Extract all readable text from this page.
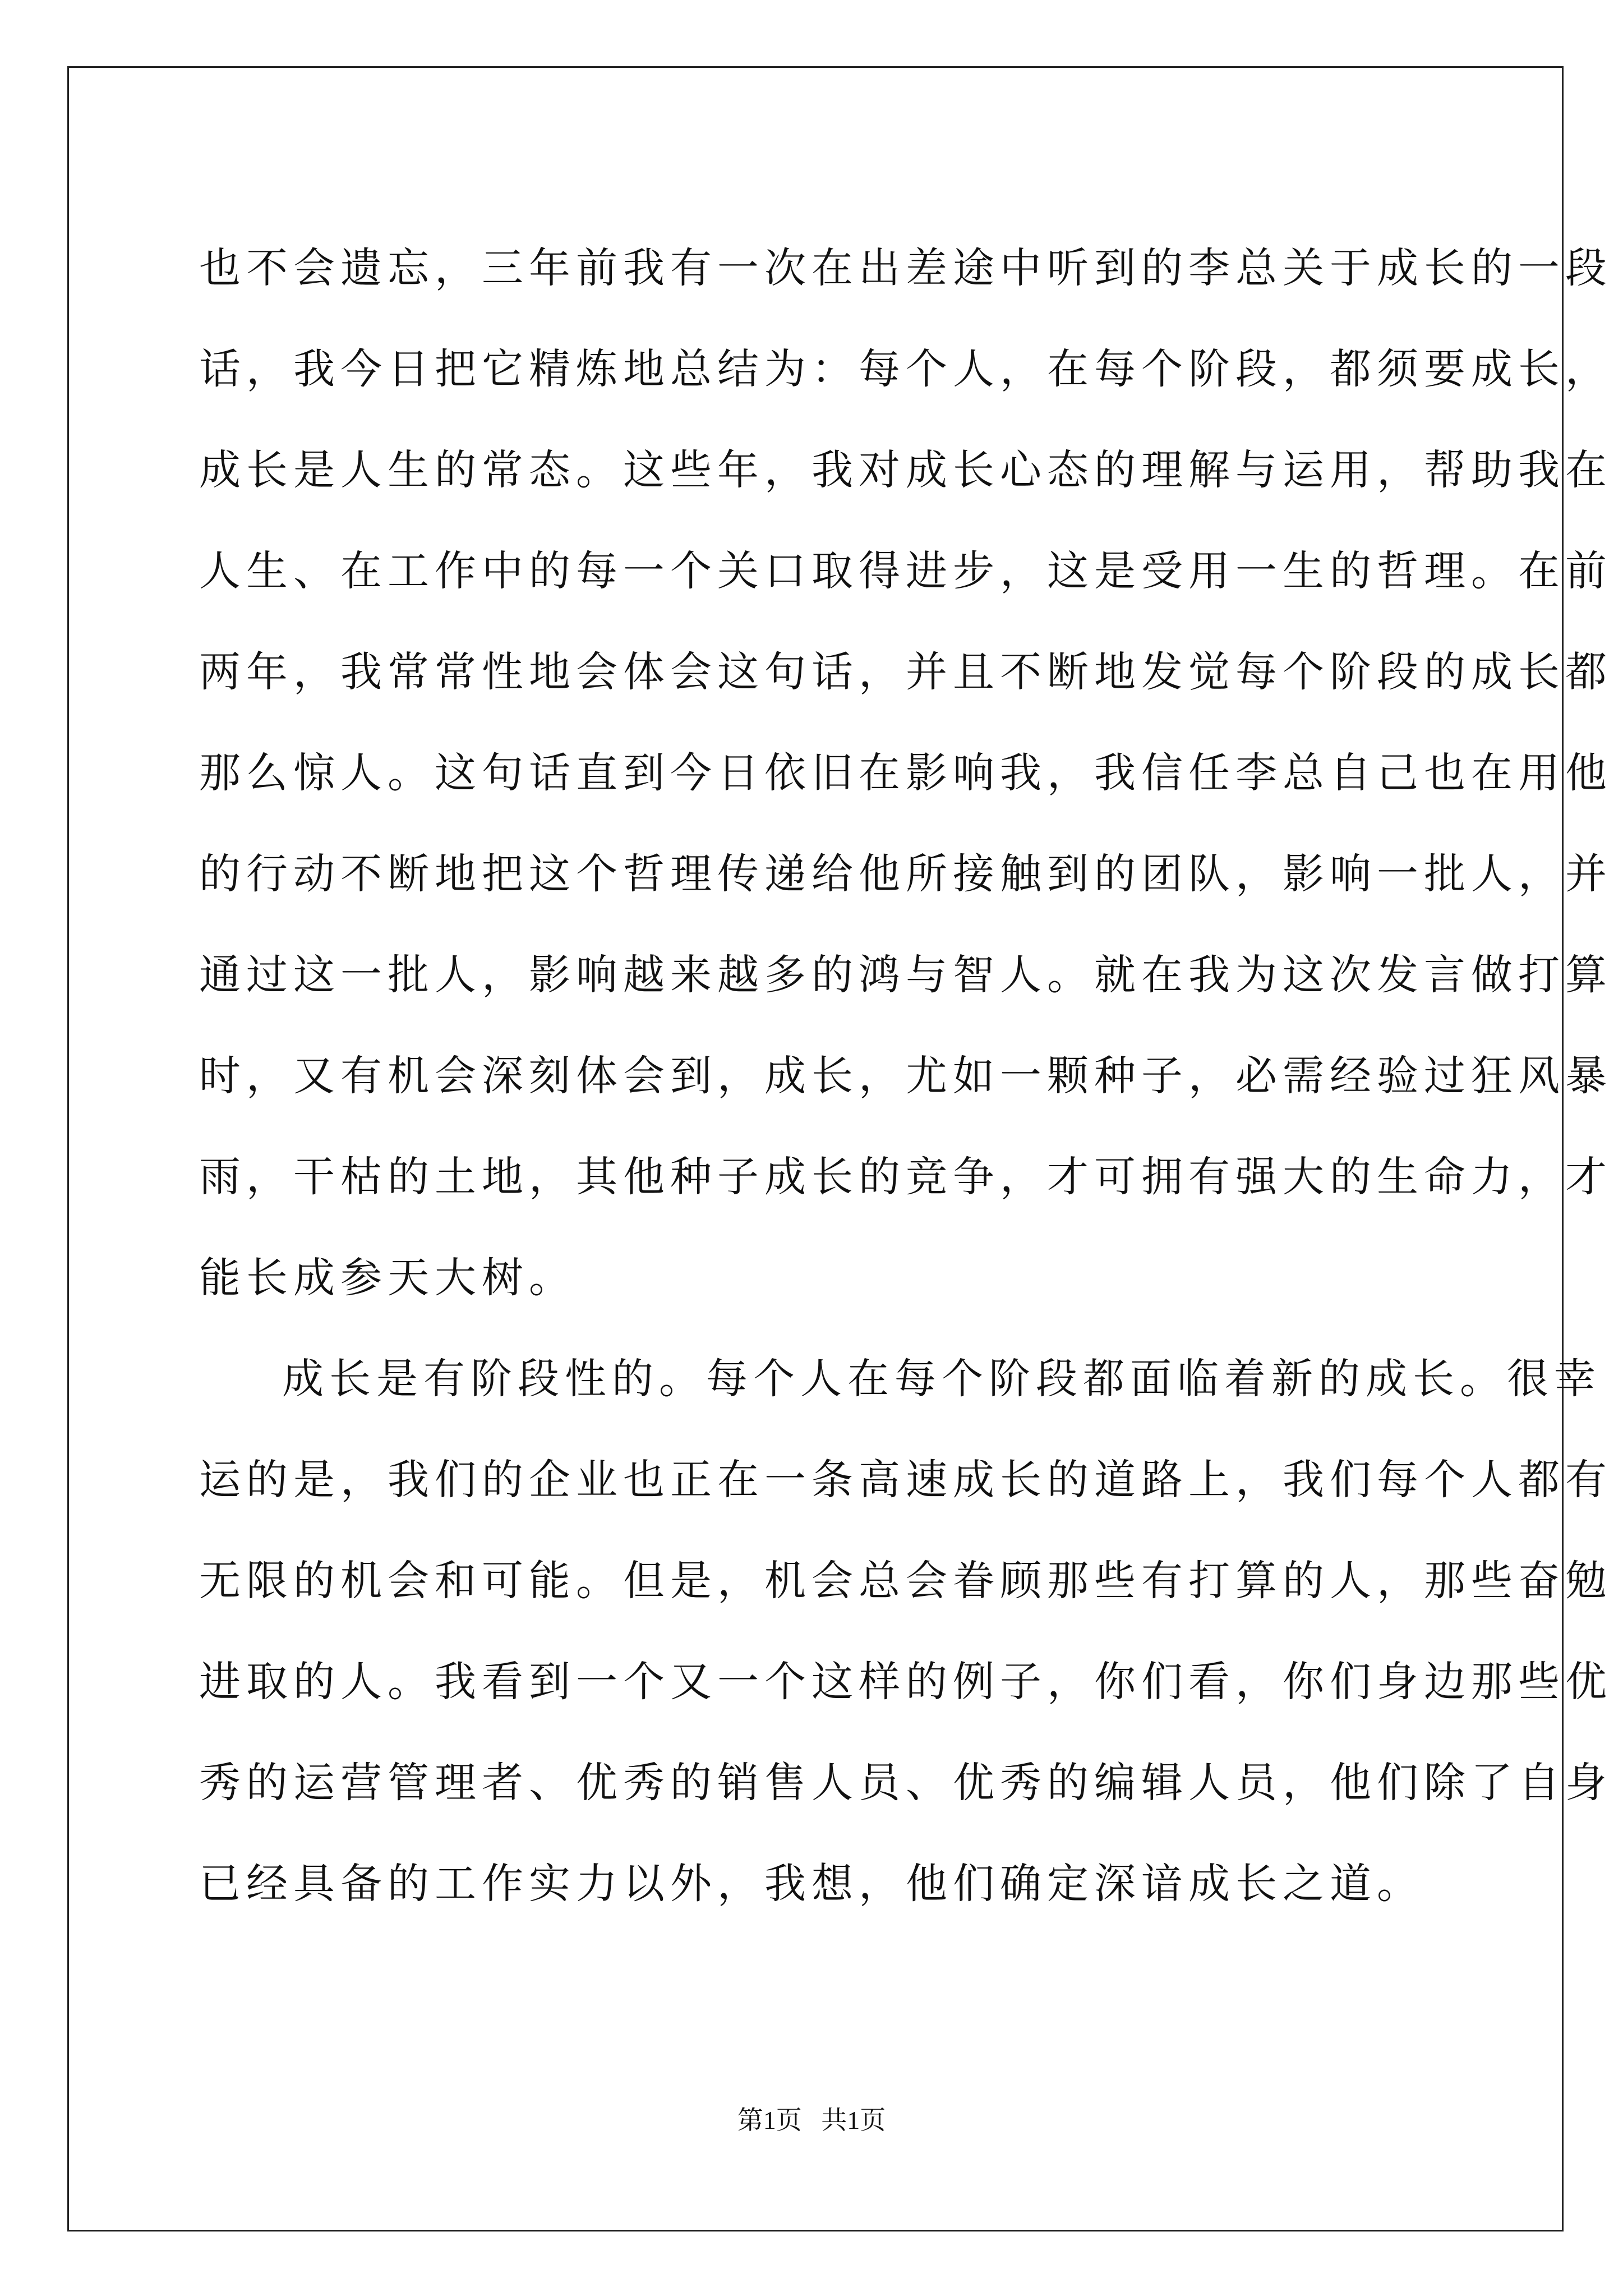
也不会遗忘，三年前我有一次在出差途中听到的李总关于成长的一段
话，我今日把它精炼地总结为：每个人，在每个阶段，都须要成长，
成长是人生的常态。这些年，我对成长心态的理解与运用，帮助我在
人生、在工作中的每一个关口取得进步，这是受用一生的哲理。在前
两年，我常常性地会体会这句话，并且不断地发觉每个阶段的成长都
那么惊人。这句话直到今日依旧在影响我，我信任李总自己也在用他
的行动不断地把这个哲理传递给他所接触到的团队，影响一批人，并
通过这一批人，影响越来越多的鸿与智人。就在我为这次发言做打算
时，又有机会深刻体会到，成长，尤如一颗种子，必需经验过狂风暴
雨，干枯的土地，其他种子成长的竞争，才可拥有强大的生命力，才
能长成参天大树。
成长是有阶段性的。每个人在每个阶段都面临着新的成长。很幸
运的是，我们的企业也正在一条高速成长的道路上，我们每个人都有
无限的机会和可能。但是，机会总会眷顾那些有打算的人，那些奋勉
进取的人。我看到一个又一个这样的例子，你们看，你们身边那些优
秀的运营管理者、优秀的销售人员、优秀的编辑人员，他们除了自身
已经具备的工作实力以外，我想，他们确定深谙成长之道。
第1页   共1页
